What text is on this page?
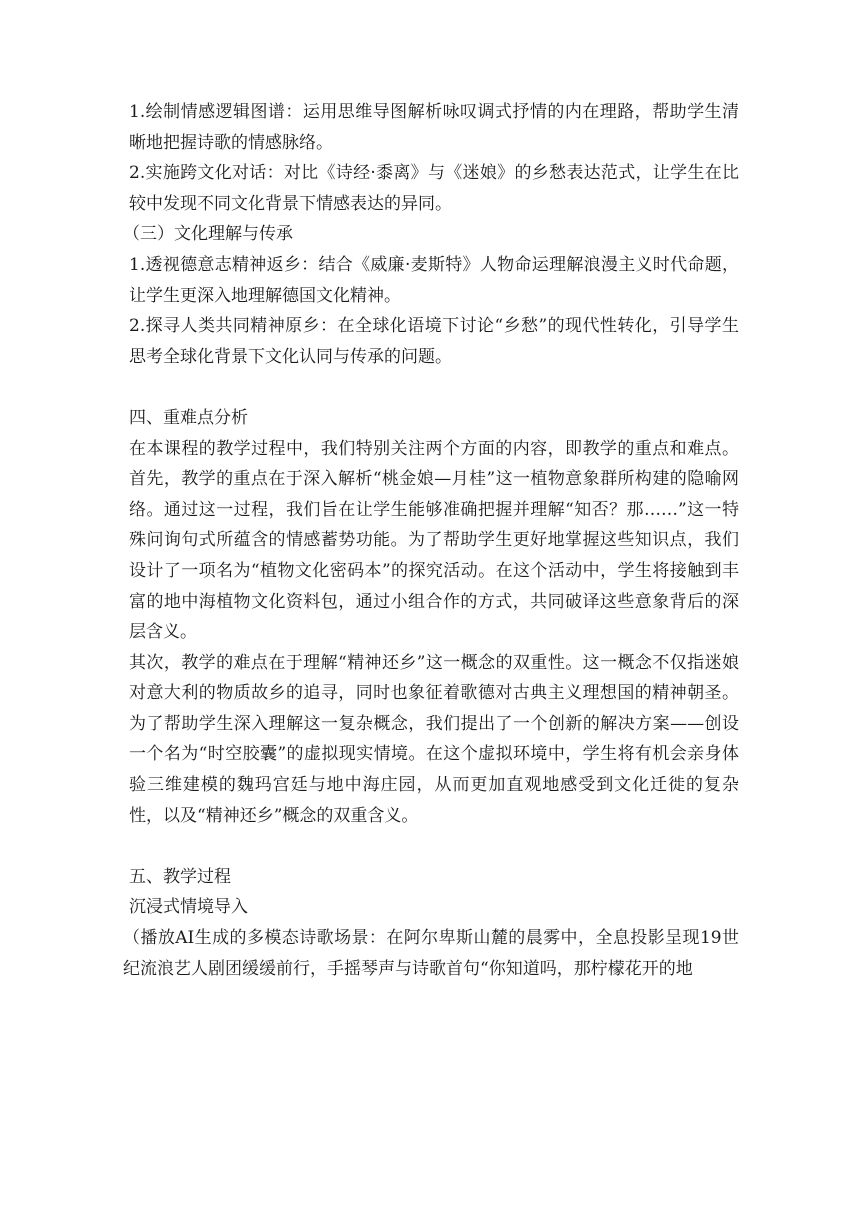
1.绘制情感逻辑图谱：运用思维导图解析咏叹调式抒情的内在理路，帮助学生清晰地把握诗歌的情感脉络。

2.实施跨文化对话：对比《诗经·黍离》与《迷娘》的乡愁表达范式，让学生在比较中发现不同文化背景下情感表达的异同。

（三）文化理解与传承

1.透视德意志精神返乡：结合《威廉·麦斯特》人物命运理解浪漫主义时代命题，让学生更深入地理解德国文化精神。

2.探寻人类共同精神原乡：在全球化语境下讨论“乡愁”的现代性转化，引导学生思考全球化背景下文化认同与传承的问题。

四、重难点分析

在本课程的教学过程中，我们特别关注两个方面的内容，即教学的重点和难点。首先，教学的重点在于深入解析“桃金娘—月桂”这一植物意象群所构建的隐喻网络。通过这一过程，我们旨在让学生能够准确把握并理解“知否？那……”这一特殊问询句式所蕴含的情感蓄势功能。为了帮助学生更好地掌握这些知识点，我们设计了一项名为“植物文化密码本”的探究活动。在这个活动中，学生将接触到丰富的地中海植物文化资料包，通过小组合作的方式，共同破译这些意象背后的深层含义。

其次，教学的难点在于理解“精神还乡”这一概念的双重性。这一概念不仅指迷娘对意大利的物质故乡的追寻，同时也象征着歌德对古典主义理想国的精神朝圣。为了帮助学生深入理解这一复杂概念，我们提出了一个创新的解决方案——创设一个名为“时空胶囊”的虚拟现实情境。在这个虚拟环境中，学生将有机会亲身体验三维建模的魏玛宫廷与地中海庄园，从而更加直观地感受到文化迁徙的复杂性，以及“精神还乡”概念的双重含义。

五、教学过程

沉浸式情境导入

（播放AI生成的多模态诗歌场景：在阿尔卑斯山麓的晨雾中，全息投影呈现19世纪流浪艺人剧团缓缓前行，手摇琴声与诗歌首句“你知道吗，那柠檬花开的地
